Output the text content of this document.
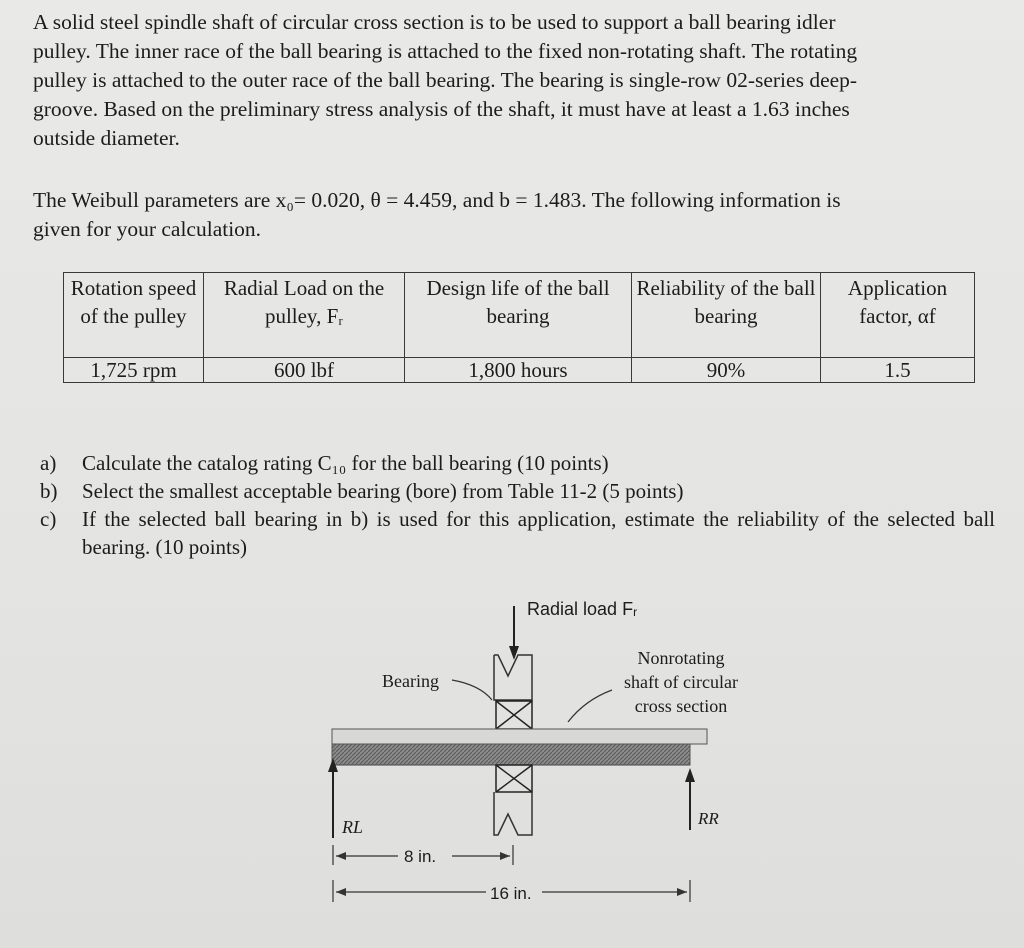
A solid steel spindle shaft of circular cross section is to be used to support a ball bearing idler
pulley. The inner race of the ball bearing is attached to the fixed non-rotating shaft. The rotating
pulley is attached to the outer race of the ball bearing. The bearing is single-row 02-series deep-
groove. Based on the preliminary stress analysis of the shaft, it must have at least a 1.63 inches
outside diameter.
The Weibull parameters are x₀= 0.020, θ = 4.459, and b = 1.483. The following information is
given for your calculation.
Rotation speed of the pulley	Radial Load on the pulley, Fᵣ	Design life of the ball bearing	Reliability of the ball bearing	Application factor, αf
1,725 rpm	600 lbf	1,800 hours	90%	1.5
a)	Calculate the catalog rating C₁₀ for the ball bearing (10 points)
b)	Select the smallest acceptable bearing (bore) from Table 11-2 (5 points)
c)	If the selected ball bearing in b) is used for this application, estimate the reliability of the selected ball bearing. (10 points)
Radial load Fᵣ
Bearing
Nonrotating
shaft of circular
cross section
RL	RR
8 in.
16 in.
